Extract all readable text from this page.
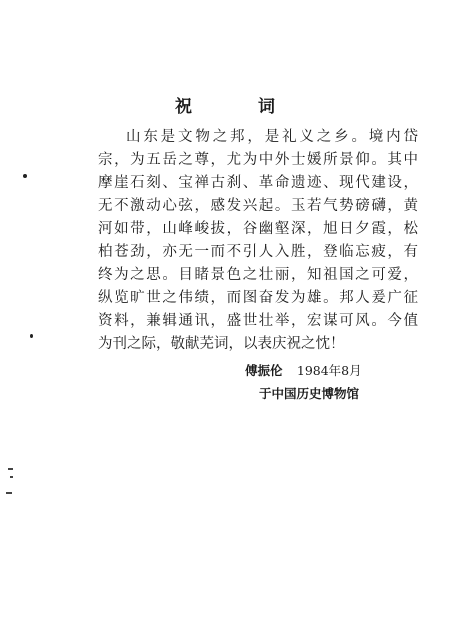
祝 词
山东是文物之邦，是礼义之乡。境内岱
宗，为五岳之尊，尤为中外士媛所景仰。其中
摩崖石刻、宝禅古刹、革命遗迹、现代建设，
无不激动心弦，感发兴起。玉若气势磅礴，黄
河如带，山峰峻拔，谷幽壑深，旭日夕霞，松
柏苍劲，亦无一而不引人入胜，登临忘疲，有
终为之思。目睹景色之壮丽，知祖国之可爱，
纵览旷世之伟绩，而图奋发为雄。邦人爰广征
资料，兼辑通讯，盛世壮举，宏谋可风。今值
为刊之际，敬献芜词，以表庆祝之忱！
傅振伦 1984年8月
于中国历史博物馆
